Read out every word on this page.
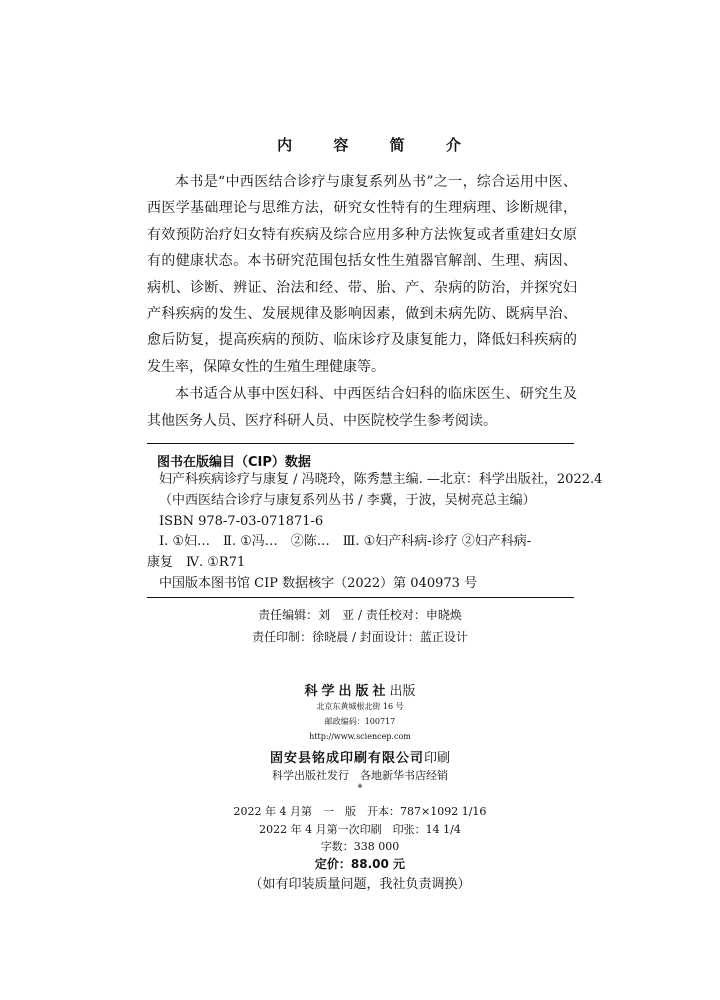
内 容 简 介

本书是“中西医结合诊疗与康复系列丛书”之一，综合运用中医、西医学基础理论与思维方法，研究女性特有的生理病理、诊断规律，有效预防治疗妇女特有疾病及综合应用多种方法恢复或者重建妇女原有的健康状态。本书研究范围包括女性生殖器官解剖、生理、病因、病机、诊断、辨证、治法和经、带、胎、产、杂病的防治，并探究妇产科疾病的发生、发展规律及影响因素，做到未病先防、既病早治、愈后防复，提高疾病的预防、临床诊疗及康复能力，降低妇科疾病的发生率，保障女性的生殖生理健康等。

本书适合从事中医妇科、中西医结合妇科的临床医生、研究生及其他医务人员、医疗科研人员、中医院校学生参考阅读。

图书在版编目（CIP）数据
妇产科疾病诊疗与康复 / 冯晓玲，陈秀慧主编. —北京：科学出版社，2022.4
（中西医结合诊疗与康复系列丛书 / 李冀，于波，吴树亮总主编）
ISBN 978-7-03-071871-6
Ⅰ. ①妇…　Ⅱ. ①冯…　②陈…　Ⅲ. ①妇产科病-诊疗 ②妇产科病-
康复　Ⅳ. ①R71
中国版本图书馆 CIP 数据核字（2022）第 040973 号
责任编辑：刘　亚 / 责任校对：申晓焕
责任印制：徐晓晨 / 封面设计：蓝正设计
科学出版社出版
北京东黄城根北街 16 号
邮政编码：100717
http://www.sciencep.com
固安县铭成印刷有限公司印刷
科学出版社发行　各地新华书店经销
*
2022 年 4 月第　一　版　开本：787×1092 1/16
2022 年 4 月第一次印刷　印张：14 1/4
字数：338 000
定价：88.00 元
（如有印装质量问题，我社负责调换）
